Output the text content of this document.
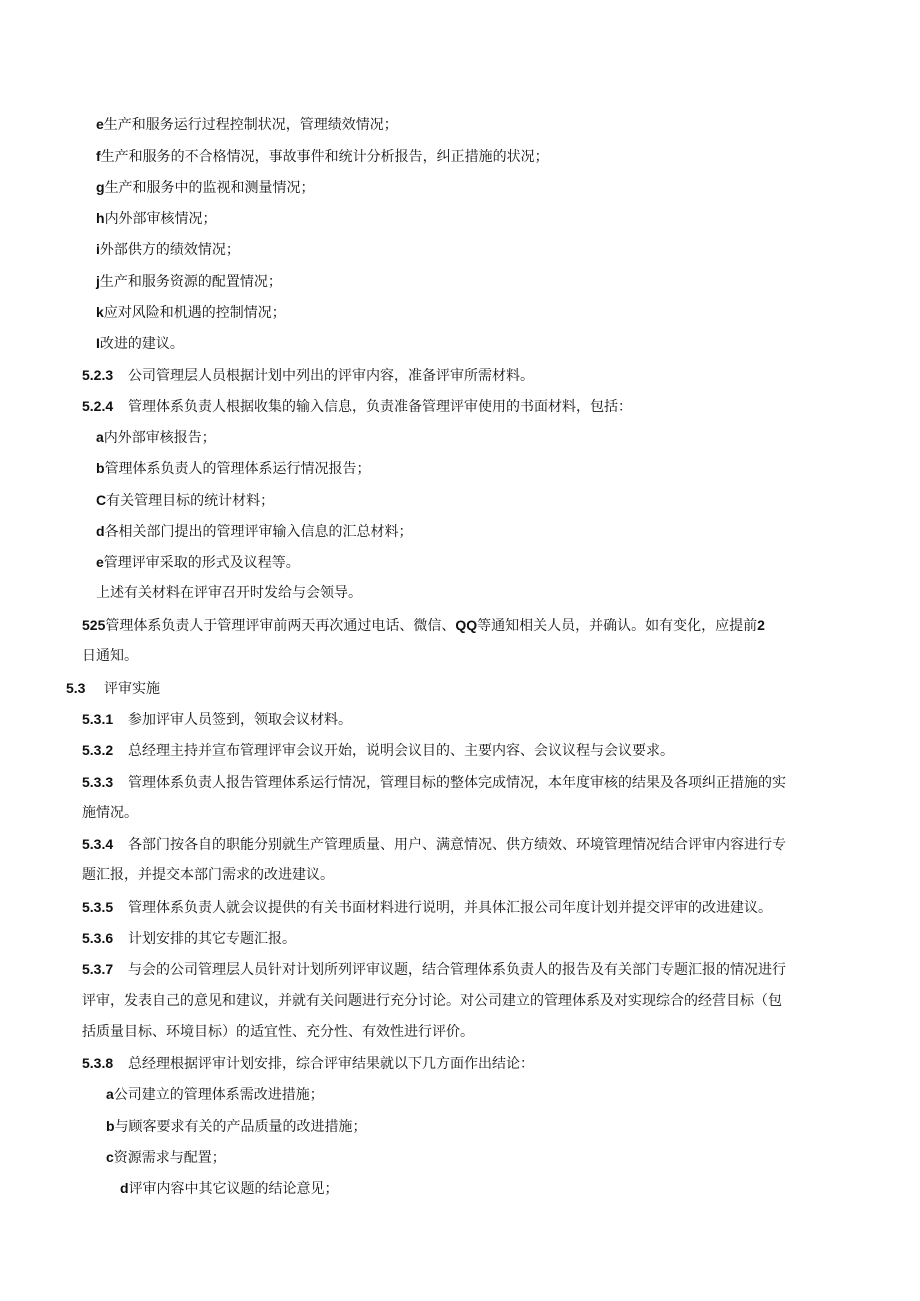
e生产和服务运行过程控制状况，管理绩效情况；
f生产和服务的不合格情况，事故事件和统计分析报告，纠正措施的状况；
g生产和服务中的监视和测量情况；
h内外部审核情况；
i外部供方的绩效情况；
j生产和服务资源的配置情况；
k应对风险和机遇的控制情况；
I改进的建议。
5.2.3 公司管理层人员根据计划中列出的评审内容，准备评审所需材料。
5.2.4 管理体系负责人根据收集的输入信息，负责准备管理评审使用的书面材料，包括：
a内外部审核报告；
b管理体系负责人的管理体系运行情况报告；
C有关管理目标的统计材料；
d各相关部门提出的管理评审输入信息的汇总材料；
e管理评审采取的形式及议程等。
上述有关材料在评审召开时发给与会领导。
525管理体系负责人于管理评审前两天再次通过电话、微信、QQ等通知相关人员，并确认。如有变化，应提前2
日通知。
5.3 评审实施
5.3.1 参加评审人员签到，领取会议材料。
5.3.2 总经理主持并宣布管理评审会议开始，说明会议目的、主要内容、会议议程与会议要求。
5.3.3 管理体系负责人报告管理体系运行情况，管理目标的整体完成情况，本年度审核的结果及各项纠正措施的实
施情况。
5.3.4 各部门按各自的职能分别就生产管理质量、用户、满意情况、供方绩效、环境管理情况结合评审内容进行专
题汇报，并提交本部门需求的改进建议。
5.3.5 管理体系负责人就会议提供的有关书面材料进行说明，并具体汇报公司年度计划并提交评审的改进建议。
5.3.6 计划安排的其它专题汇报。
5.3.7 与会的公司管理层人员针对计划所列评审议题，结合管理体系负责人的报告及有关部门专题汇报的情况进行
评审，发表自己的意见和建议，并就有关问题进行充分讨论。对公司建立的管理体系及对实现综合的经营目标（包
括质量目标、环境目标）的适宜性、充分性、有效性进行评价。
5.3.8 总经理根据评审计划安排，综合评审结果就以下几方面作出结论：
a公司建立的管理体系需改进措施；
b与顾客要求有关的产品质量的改进措施；
c资源需求与配置；
d评审内容中其它议题的结论意见；
